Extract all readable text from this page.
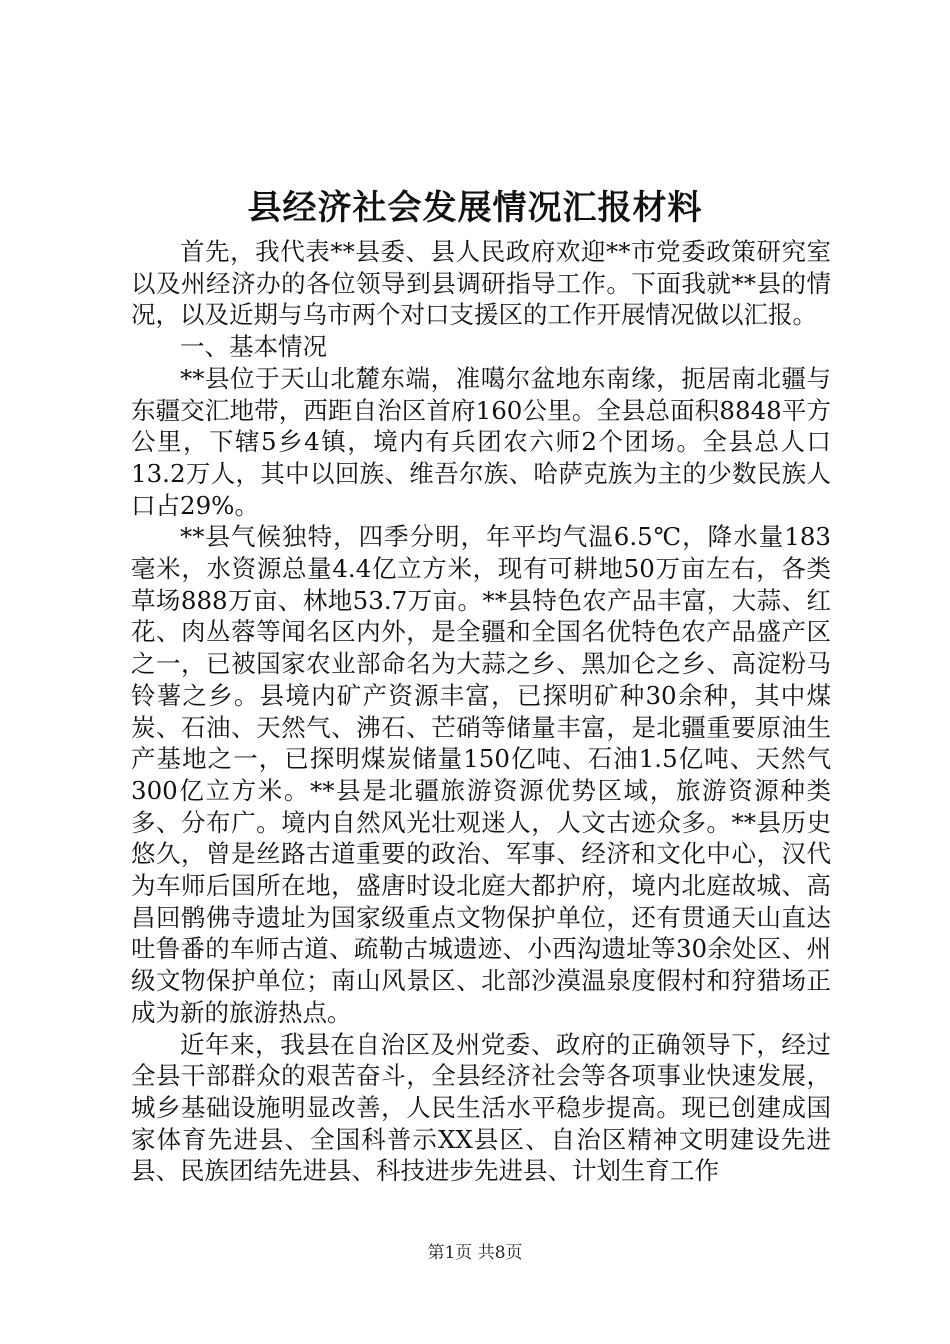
县经济社会发展情况汇报材料

首先，我代表**县委、县人民政府欢迎**市党委政策研究室以及州经济办的各位领导到县调研指导工作。下面我就**县的情况，以及近期与乌市两个对口支援区的工作开展情况做以汇报。

一、基本情况

**县位于天山北麓东端，准噶尔盆地东南缘，扼居南北疆与东疆交汇地带，西距自治区首府160公里。全县总面积8848平方公里，下辖5乡4镇，境内有兵团农六师2个团场。全县总人口13.2万人，其中以回族、维吾尔族、哈萨克族为主的少数民族人口占29%。

**县气候独特，四季分明，年平均气温6.5℃，降水量183毫米，水资源总量4.4亿立方米，现有可耕地50万亩左右，各类草场888万亩、林地53.7万亩。**县特色农产品丰富，大蒜、红花、肉丛蓉等闻名区内外，是全疆和全国名优特色农产品盛产区之一，已被国家农业部命名为大蒜之乡、黑加仑之乡、高淀粉马铃薯之乡。县境内矿产资源丰富，已探明矿种30余种，其中煤炭、石油、天然气、沸石、芒硝等储量丰富，是北疆重要原油生产基地之一，已探明煤炭储量150亿吨、石油1.5亿吨、天然气300亿立方米。**县是北疆旅游资源优势区域，旅游资源种类多、分布广。境内自然风光壮观迷人，人文古迹众多。**县历史悠久，曾是丝路古道重要的政治、军事、经济和文化中心，汉代为车师后国所在地，盛唐时设北庭大都护府，境内北庭故城、高昌回鹘佛寺遗址为国家级重点文物保护单位，还有贯通天山直达吐鲁番的车师古道、疏勒古城遗迹、小西沟遗址等30余处区、州级文物保护单位；南山风景区、北部沙漠温泉度假村和狩猎场正成为新的旅游热点。

近年来，我县在自治区及州党委、政府的正确领导下，经过全县干部群众的艰苦奋斗，全县经济社会等各项事业快速发展，城乡基础设施明显改善，人民生活水平稳步提高。现已创建成国家体育先进县、全国科普示XX县区、自治区精神文明建设先进县、民族团结先进县、科技进步先进县、计划生育工作

第1页 共8页
